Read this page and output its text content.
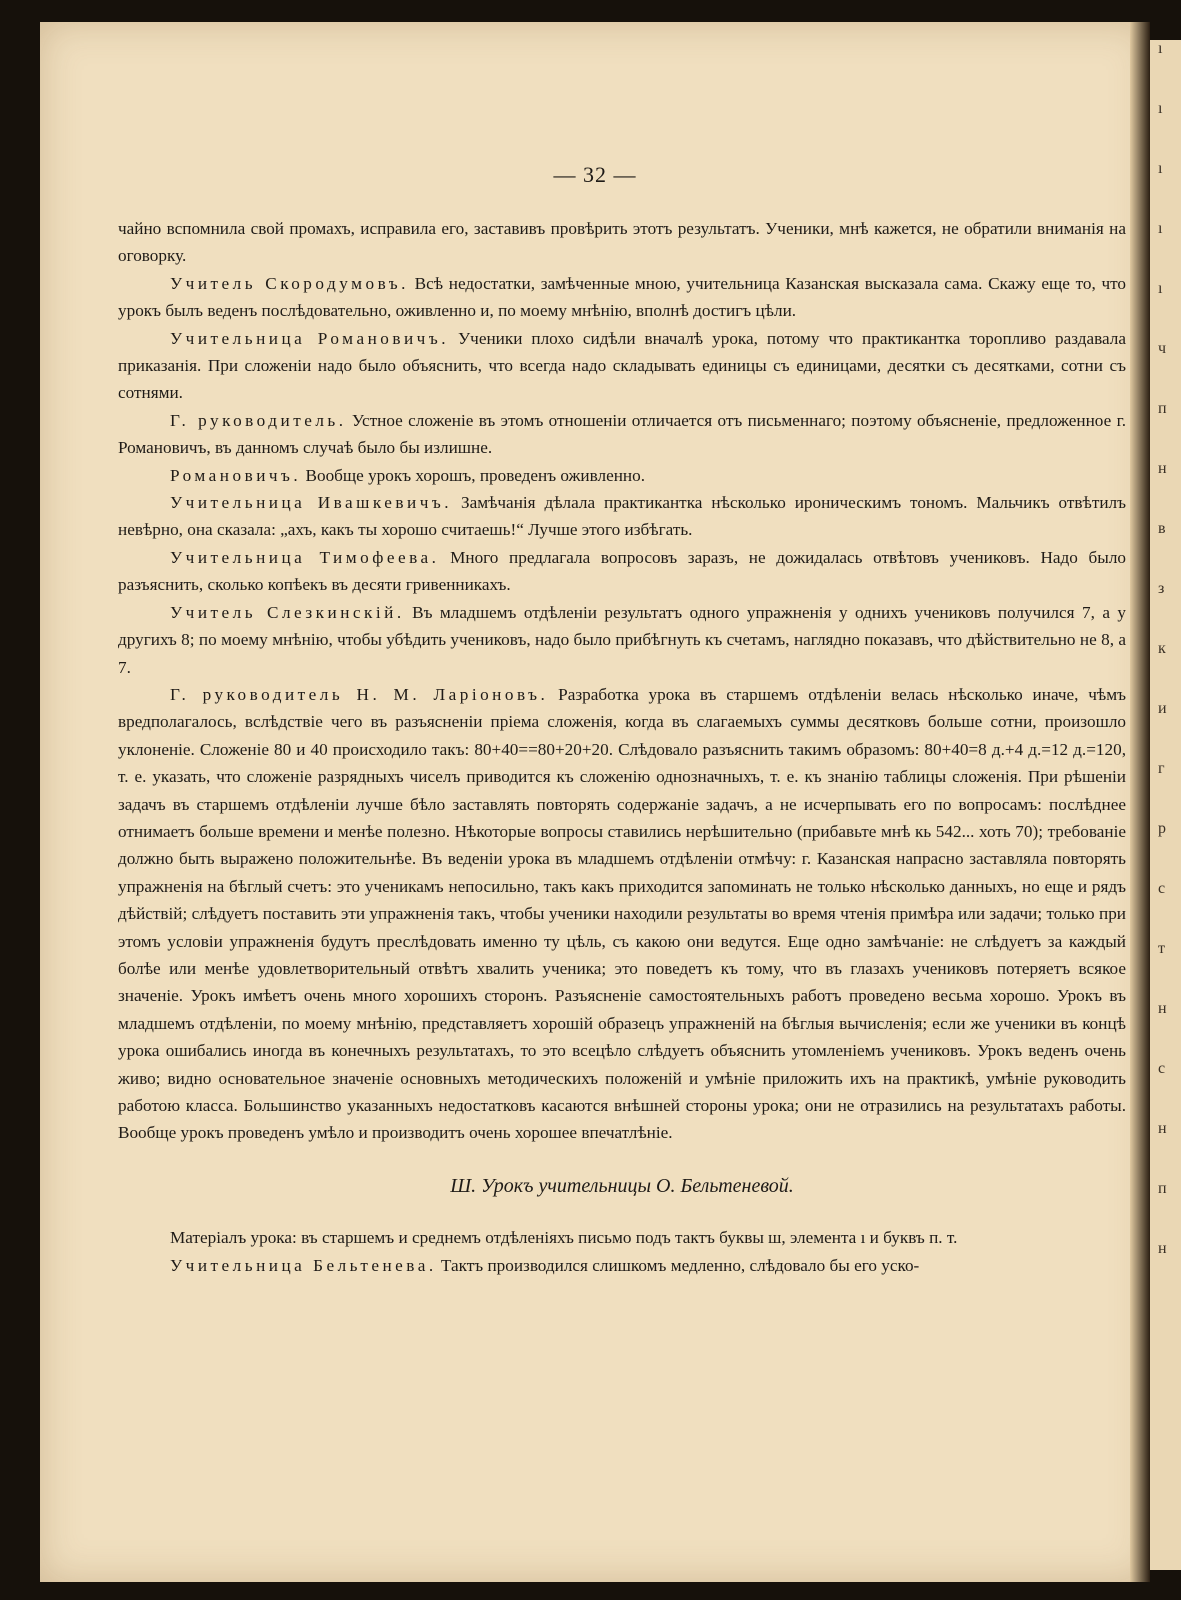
— 32 —

чайно вспомнила свой промахъ, исправила его, заставивъ провѣрить этотъ результатъ. Ученики, мнѣ кажется, не обратили вниманія на оговорку.

Учитель Скородумовъ. Всѣ недостатки, замѣченные мною, учительница Казанская высказала сама. Скажу еще то, что урокъ былъ веденъ послѣдовательно, оживленно и, по моему мнѣнію, вполнѣ достигъ цѣли.

Учительница Романовичъ. Ученики плохо сидѣли вначалѣ урока, потому что практикантка торопливо раздавала приказанія. При сложеніи надо было объяснить, что всегда надо складывать единицы съ единицами, десятки съ десятками, сотни съ сотнями.

Г. руководитель. Устное сложеніе въ этомъ отношеніи отличается отъ письменнаго; поэтому объясненіе, предложенное г. Романовичъ, въ данномъ случаѣ было бы излишне.

Романовичъ. Вообще урокъ хорошъ, проведенъ оживленно.

Учительница Ивашкевичъ. Замѣчанія дѣлала практикантка нѣсколько ироническимъ тономъ. Мальчикъ отвѣтилъ невѣрно, она сказала: „ахъ, какъ ты хорошо считаешь!“ Лучше этого избѣгать.

Учительница Тимофеева. Много предлагала вопросовъ заразъ, не дожидалась отвѣтовъ учениковъ. Надо было разъяснить, сколько копѣекъ въ десяти гривенникахъ.

Учитель Слезкинскій. Въ младшемъ отдѣленіи результатъ одного упражненія у однихъ учениковъ получился 7, а у другихъ 8; по моему мнѣнію, чтобы убѣдить учениковъ, надо было прибѣгнуть къ счетамъ, наглядно показавъ, что дѣйствительно не 8, а 7.

Г. руководитель Н. М. Ларіоновъ. Разработка урока въ старшемъ отдѣленіи велась нѣсколько иначе, чѣмъ вредполагалось, вслѣдствіе чего въ разъясненіи пріема сложенія, когда въ слагаемыхъ суммы десятковъ больше сотни, произошло уклоненіе. Сложеніе 80 и 40 происходило такъ: 80+40==80+20+20. Слѣдовало разъяснить такимъ образомъ: 80+40=8 д.+4 д.=12 д.=120, т. е. указать, что сложеніе разрядныхъ чиселъ приводится къ сложенію однозначныхъ, т. е. къ знанію таблицы сложенія. При рѣшеніи задачъ въ старшемъ отдѣленіи лучше бѣло заставлять повторять содержаніе задачъ, а не исчерпывать его по вопросамъ: послѣднее отнимаетъ больше времени и менѣе полезно. Нѣкоторые вопросы ставились нерѣшительно (прибавьте мнѣ кь 542... хоть 70); требованіе должно быть выражено положительнѣе. Въ веденіи урока въ младшемъ отдѣленіи отмѣчу: г. Казанская напрасно заставляла повторять упражненія на бѣглый счетъ: это ученикамъ непосильно, такъ какъ приходится запоминать не только нѣсколько данныхъ, но еще и рядъ дѣйствій; слѣдуетъ поставить эти упражненія такъ, чтобы ученики находили результаты во время чтенія примѣра или задачи; только при этомъ условіи упражненія будутъ преслѣдовать именно ту цѣль, съ какою они ведутся. Еще одно замѣчаніе: не слѣдуетъ за каждый болѣе или менѣе удовлетворительный отвѣтъ хвалить ученика; это поведетъ къ тому, что въ глазахъ учениковъ потеряетъ всякое значеніе. Урокъ имѣетъ очень много хорошихъ сторонъ. Разъясненіе самостоятельныхъ работъ проведено весьма хорошо. Урокъ въ младшемъ отдѣленіи, по моему мнѣнію, представляетъ хорошій образецъ упражненій на бѣглыя вычисленія; если же ученики въ концѣ урока ошибались иногда въ конечныхъ результатахъ, то это всецѣло слѣдуетъ объяснить утомленіемъ учениковъ. Урокъ веденъ очень живо; видно основательное значеніе основныхъ методическихъ положеній и умѣніе приложить ихъ на практикѣ, умѣніе руководить работою класса. Большинство указанныхъ недостатковъ касаются внѣшней стороны урока; они не отразились на результатахъ работы. Вообще урокъ проведенъ умѣло и производитъ очень хорошее впечатлѣніе.

Ш. Урокъ учительницы О. Бельтеневой.

Матеріалъ урока: въ старшемъ и среднемъ отдѣленіяхъ письмо подъ тактъ буквы ш, элемента ı и буквъ п. т.

Учительница Бельтенева. Тактъ производился слишкомъ медленно, слѣдовало бы его уско-

ı
ı
ı
ı
ı
ч
п
н
в
з
к
и
г
р
с
т
н
с
н
п
н
